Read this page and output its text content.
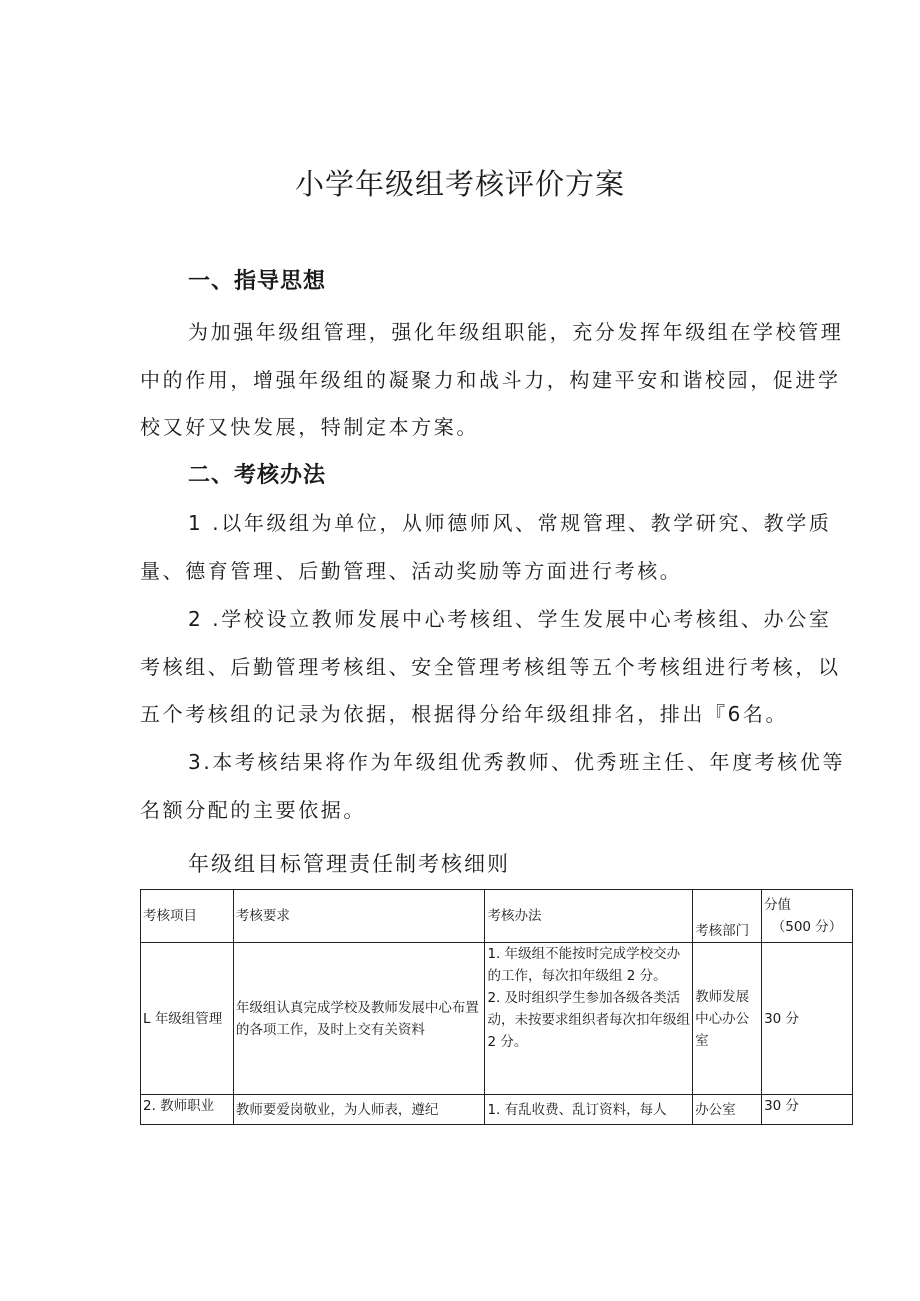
小学年级组考核评价方案
一、指导思想

为加强年级组管理，强化年级组职能，充分发挥年级组在学校管理中的作用，增强年级组的凝聚力和战斗力，构建平安和谐校园，促进学校又好又快发展，特制定本方案。

二、考核办法

1 .以年级组为单位，从师德师风、常规管理、教学研究、教学质量、德育管理、后勤管理、活动奖励等方面进行考核。

2 .学校设立教师发展中心考核组、学生发展中心考核组、办公室考核组、后勤管理考核组、安全管理考核组等五个考核组进行考核，以五个考核组的记录为依据，根据得分给年级组排名，排出『6名。

3.本考核结果将作为年级组优秀教师、优秀班主任、年度考核优等名额分配的主要依据。

年级组目标管理责任制考核细则
考核项目	考核要求	考核办法	考核部门	分值
（500 分）

L 年级组管理	年级组认真完成学校及教师发展中心布置的各项工作，及时上交有关资料	1. 年级组不能按时完成学校交办的工作，每次扣年级组 2 分。
2. 及时组织学生参加各级各类活动，未按要求组织者每次扣年级组 2 分。	教师发展中心办公室	30 分
2. 教师职业	教师要爱岗敬业，为人师表，遵纪	1. 有乱收费、乱订资料，每人	办公室	30 分
